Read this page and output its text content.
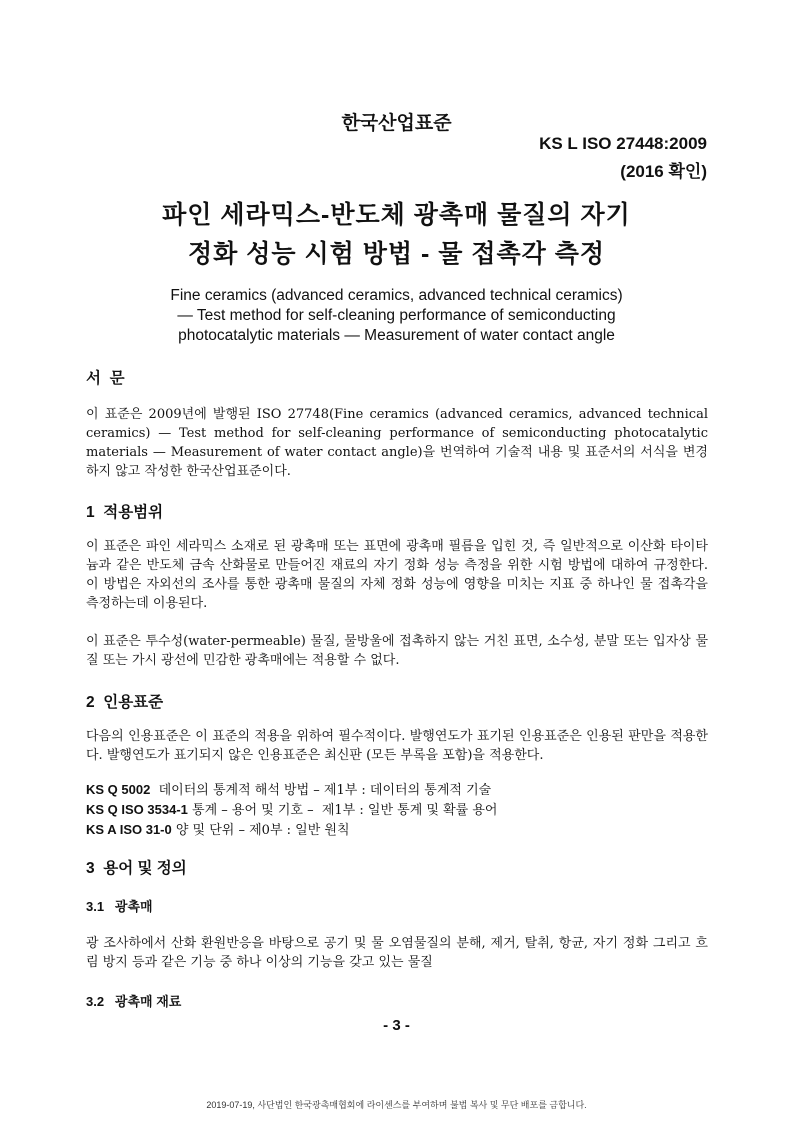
한국산업표준
KS L ISO 27448:2009
(2016 확인)
파인 세라믹스-반도체 광촉매 물질의 자기
정화 성능 시험 방법 - 물 접촉각 측정
Fine ceramics (advanced ceramics, advanced technical ceramics)
— Test method for self-cleaning performance of semiconducting
photocatalytic materials — Measurement of water contact angle
서  문
이 표준은 2009년에 발행된 ISO 27748(Fine ceramics (advanced ceramics, advanced technical ceramics) — Test method for self-cleaning performance of semiconducting photocatalytic materials — Measurement of water contact angle)을 번역하여 기술적 내용 및 표준서의 서식을 변경하지 않고 작성한 한국산업표준이다.
1  적용범위
이 표준은 파인 세라믹스 소재로 된 광촉매 또는 표면에 광촉매 필름을 입힌 것, 즉 일반적으로 이산화 타이타늄과 같은 반도체 금속 산화물로 만들어진 재료의 자기 정화 성능 측정을 위한 시험 방법에 대하여 규정한다. 이 방법은 자외선의 조사를 통한 광촉매 물질의 자체 정화 성능에 영향을 미치는 지표 중 하나인 물 접촉각을 측정하는데 이용된다.
이 표준은 투수성(water-permeable) 물질, 물방울에 접촉하지 않는 거친 표면, 소수성, 분말 또는 입자상 물질 또는 가시 광선에 민감한 광촉매에는 적용할 수 없다.
2  인용표준
다음의 인용표준은 이 표준의 적용을 위하여 필수적이다. 발행연도가 표기된 인용표준은 인용된 판만을 적용한다. 발행연도가 표기되지 않은 인용표준은 최신판 (모든 부록을 포함)을 적용한다.
KS Q 5002  데이터의 통계적 해석 방법 – 제1부 : 데이터의 통계적 기술
KS Q ISO 3534-1 통계 – 용어 및 기호 –  제1부 : 일반 통계 및 확률 용어
KS A ISO 31-0 양 및 단위 – 제0부 : 일반 원칙
3  용어 및 정의
3.1   광촉매
광 조사하에서 산화 환원반응을 바탕으로 공기 및 물 오염물질의 분해, 제거, 탈취, 항균, 자기 정화 그리고 흐림 방지 등과 같은 기능 중 하나 이상의 기능을 갖고 있는 물질
3.2   광촉매 재료
- 3 -
2019-07-19, 사단법인 한국광촉매협회에 라이센스를 부여하며 불법 복사 및 무단 배포를 금합니다.
